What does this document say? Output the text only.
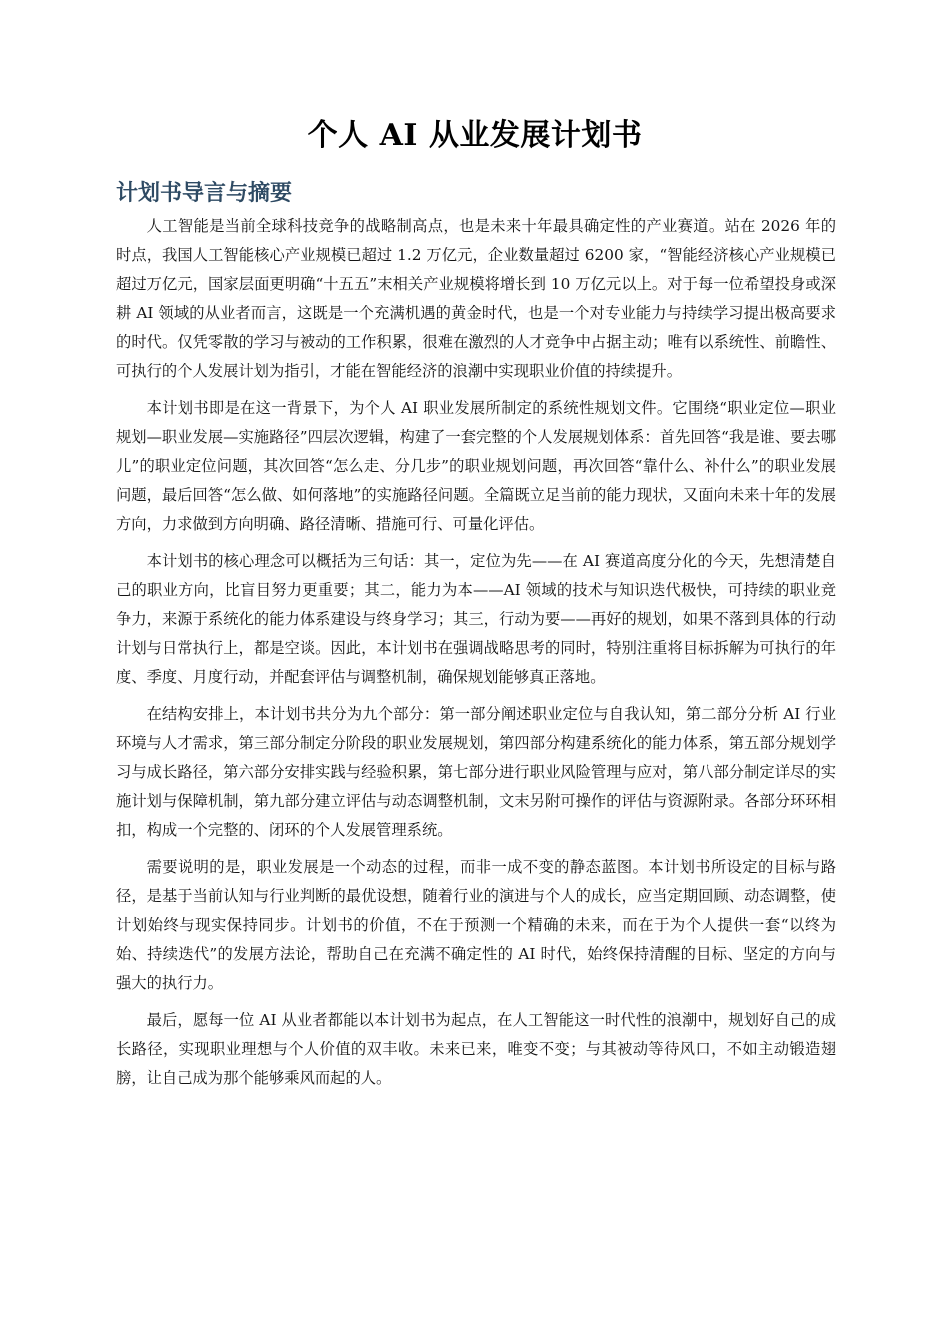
个人 AI 从业发展计划书
计划书导言与摘要

人工智能是当前全球科技竞争的战略制高点，也是未来十年最具确定性的产业赛道。站在 2026 年的时点，我国人工智能核心产业规模已超过 1.2 万亿元，企业数量超过 6200 家，“智能经济核心产业规模已超过万亿元，国家层面更明确“十五五”末相关产业规模将增长到 10 万亿元以上。对于每一位希望投身或深耕 AI 领域的从业者而言，这既是一个充满机遇的黄金时代，也是一个对专业能力与持续学习提出极高要求的时代。仅凭零散的学习与被动的工作积累，很难在激烈的人才竞争中占据主动；唯有以系统性、前瞻性、可执行的个人发展计划为指引，才能在智能经济的浪潮中实现职业价值的持续提升。

本计划书即是在这一背景下，为个人 AI 职业发展所制定的系统性规划文件。它围绕“职业定位—职业规划—职业发展—实施路径”四层次逻辑，构建了一套完整的个人发展规划体系：首先回答“我是谁、要去哪儿”的职业定位问题，其次回答“怎么走、分几步”的职业规划问题，再次回答“靠什么、补什么”的职业发展问题，最后回答“怎么做、如何落地”的实施路径问题。全篇既立足当前的能力现状，又面向未来十年的发展方向，力求做到方向明确、路径清晰、措施可行、可量化评估。

本计划书的核心理念可以概括为三句话：其一，定位为先——在 AI 赛道高度分化的今天，先想清楚自己的职业方向，比盲目努力更重要；其二，能力为本——AI 领域的技术与知识迭代极快，可持续的职业竞争力，来源于系统化的能力体系建设与终身学习；其三，行动为要——再好的规划，如果不落到具体的行动计划与日常执行上，都是空谈。因此，本计划书在强调战略思考的同时，特别注重将目标拆解为可执行的年度、季度、月度行动，并配套评估与调整机制，确保规划能够真正落地。

在结构安排上，本计划书共分为九个部分：第一部分阐述职业定位与自我认知，第二部分分析 AI 行业环境与人才需求，第三部分制定分阶段的职业发展规划，第四部分构建系统化的能力体系，第五部分规划学习与成长路径，第六部分安排实践与经验积累，第七部分进行职业风险管理与应对，第八部分制定详尽的实施计划与保障机制，第九部分建立评估与动态调整机制，文末另附可操作的评估与资源附录。各部分环环相扣，构成一个完整的、闭环的个人发展管理系统。

需要说明的是，职业发展是一个动态的过程，而非一成不变的静态蓝图。本计划书所设定的目标与路径，是基于当前认知与行业判断的最优设想，随着行业的演进与个人的成长，应当定期回顾、动态调整，使计划始终与现实保持同步。计划书的价值，不在于预测一个精确的未来，而在于为个人提供一套“以终为始、持续迭代”的发展方法论，帮助自己在充满不确定性的 AI 时代，始终保持清醒的目标、坚定的方向与强大的执行力。

最后，愿每一位 AI 从业者都能以本计划书为起点，在人工智能这一时代性的浪潮中，规划好自己的成长路径，实现职业理想与个人价值的双丰收。未来已来，唯变不变；与其被动等待风口，不如主动锻造翅膀，让自己成为那个能够乘风而起的人。
